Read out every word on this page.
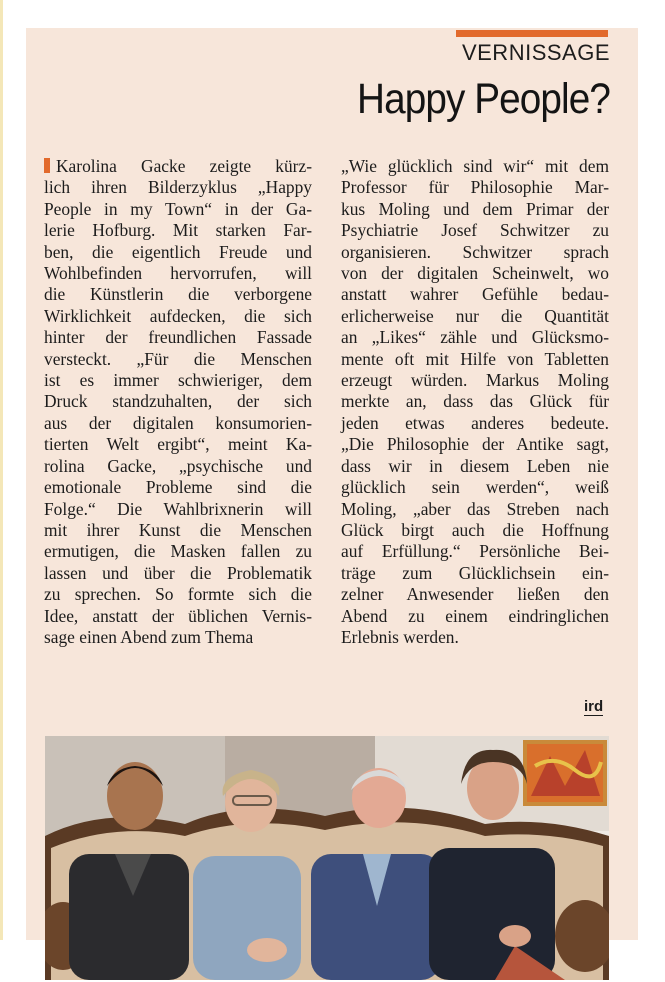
VERNISSAGE
Happy People?
Karolina Gacke zeigte kürz-
lich ihren Bilderzyklus „Happy
People in my Town“ in der Ga-
lerie Hofburg. Mit starken Far-
ben, die eigentlich Freude und
Wohlbefinden hervorrufen, will
die Künstlerin die verborgene
Wirklichkeit aufdecken, die sich
hinter der freundlichen Fassade
versteckt. „Für die Menschen
ist es immer schwieriger, dem
Druck standzuhalten, der sich
aus der digitalen konsumorien-
tierten Welt ergibt“, meint Ka-
rolina Gacke, „psychische und
emotionale Probleme sind die
Folge.“ Die Wahlbrixnerin will
mit ihrer Kunst die Menschen
ermutigen, die Masken fallen zu
lassen und über die Problematik
zu sprechen. So formte sich die
Idee, anstatt der üblichen Vernis-
sage einen Abend zum Thema
„Wie glücklich sind wir“ mit dem
Professor für Philosophie Mar-
kus Moling und dem Primar der
Psychiatrie Josef Schwitzer zu
organisieren. Schwitzer sprach
von der digitalen Scheinwelt, wo
anstatt wahrer Gefühle bedau-
erlicherweise nur die Quantität
an „Likes“ zähle und Glücksmo-
mente oft mit Hilfe von Tabletten
erzeugt würden. Markus Moling
merkte an, dass das Glück für
jeden etwas anderes bedeute.
„Die Philosophie der Antike sagt,
dass wir in diesem Leben nie
glücklich sein werden“, weiß
Moling, „aber das Streben nach
Glück birgt auch die Hoffnung
auf Erfüllung.“ Persönliche Bei-
träge zum Glücklichsein ein-
zelner Anwesender ließen den
Abend zu einem eindringlichen
Erlebnis werden.
ird
